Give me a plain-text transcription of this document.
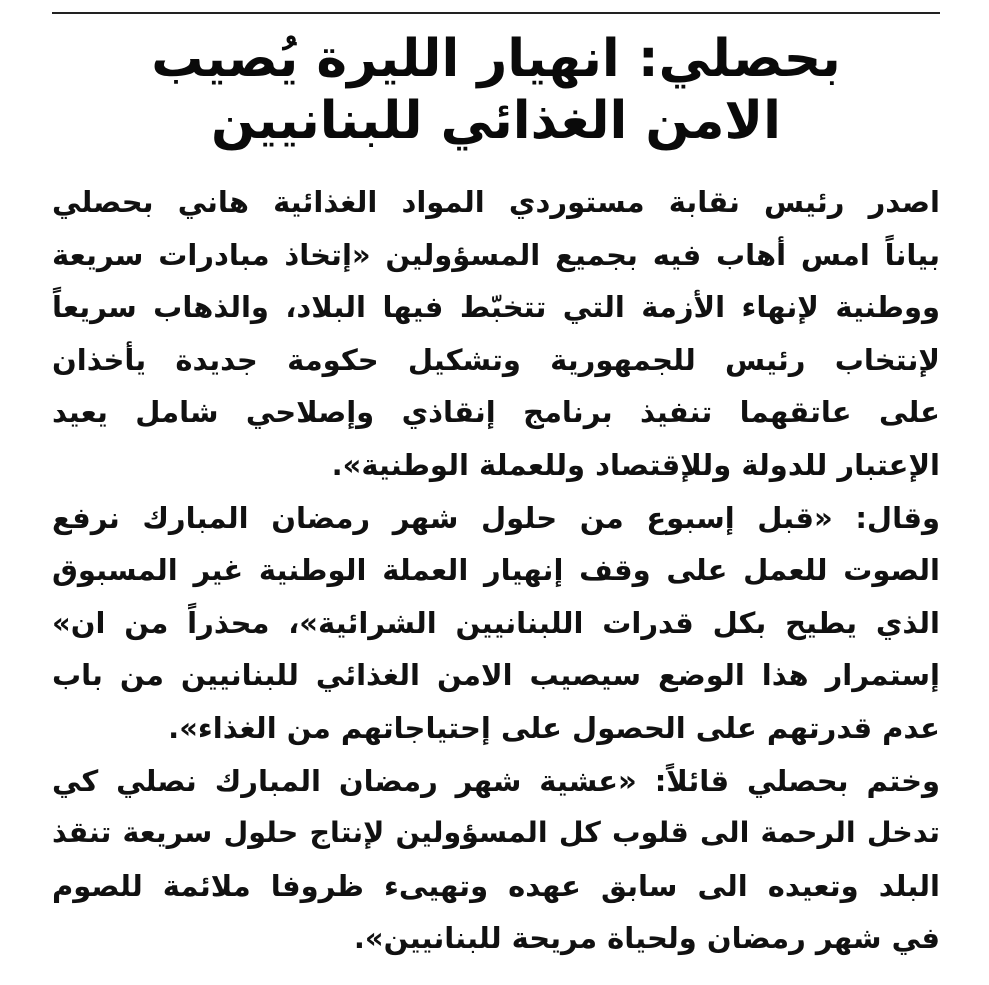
بحصلي: انهيار الليرة يُصيب
الامن الغذائي للبنانيين

اصدر رئيس نقابة مستوردي المواد الغذائية هاني بحصلي
بياناً امس أهاب فيه بجميع المسؤولين «إتخاذ مبادرات سريعة
ووطنية لإنهاء الأزمة التي تتخبّط فيها البلاد، والذهاب سريعاً
لإنتخاب رئيس للجمهورية وتشكيل حكومة جديدة يأخذان
على عاتقهما تنفيذ برنامج إنقاذي وإصلاحي شامل يعيد
الإعتبار للدولة وللإقتصاد وللعملة الوطنية».

وقال: «قبل إسبوع من حلول شهر رمضان المبارك نرفع
الصوت للعمل على وقف إنهيار العملة الوطنية غير المسبوق
الذي يطيح بكل قدرات اللبنانيين الشرائية»، محذراً من ان»
إستمرار هذا الوضع سيصيب الامن الغذائي للبنانيين من باب
عدم قدرتهم على الحصول على إحتياجاتهم من الغذاء».

وختم بحصلي قائلاً: «عشية شهر رمضان المبارك نصلي كي
تدخل الرحمة الى قلوب كل المسؤولين لإنتاج حلول سريعة تنقذ
البلد وتعيده الى سابق عهده وتهيىء ظروفا ملائمة للصوم
في شهر رمضان ولحياة مريحة للبنانيين».
